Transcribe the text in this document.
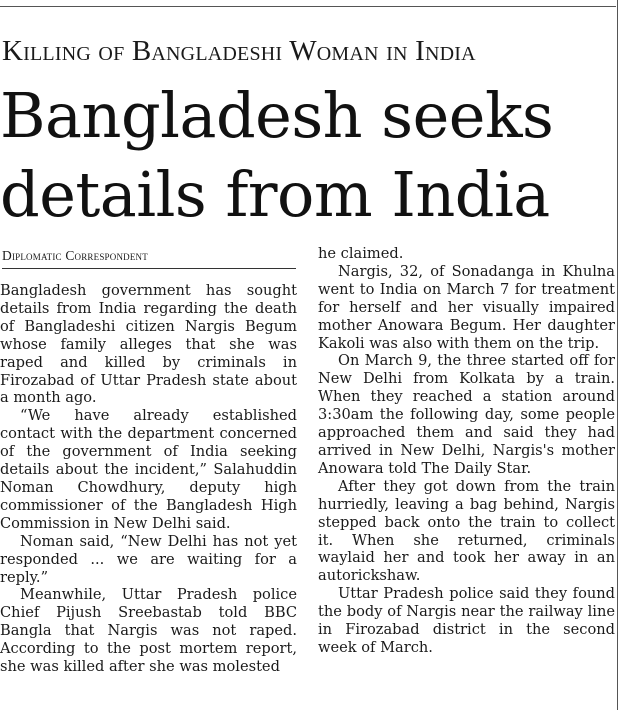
Killing of Bangladeshi Woman in India
Bangladesh seeks
details from India
Diplomatic Correspondent

Bangladesh government has sought details from India regarding the death of Bangladeshi citizen Nargis Begum whose family alleges that she was raped and killed by criminals in Firozabad of Uttar Pradesh state about a month ago.

“We have already established contact with the department concerned of the government of India seeking details about the incident,” Salahuddin Noman Chowdhury, deputy high commissioner of the Bangladesh High Commission in New Delhi said.

Noman said, “New Delhi has not yet responded ... we are waiting for a reply.”

Meanwhile, Uttar Pradesh police Chief Pijush Sreebastab told BBC Bangla that Nargis was not raped. According to the post mortem report, she was killed after she was molested

he claimed.

Nargis, 32, of Sonadanga in Khulna went to India on March 7 for treatment for herself and her visually impaired mother Anowara Begum. Her daughter Kakoli was also with them on the trip.

On March 9, the three started off for New Delhi from Kolkata by a train. When they reached a station around 3:30am the following day, some people approached them and said they had arrived in New Delhi, Nargis's mother Anowara told The Daily Star.

After they got down from the train hurriedly, leaving a bag behind, Nargis stepped back onto the train to collect it. When she returned, criminals waylaid her and took her away in an autorickshaw.

Uttar Pradesh police said they found the body of Nargis near the railway line in Firozabad district in the second week of March.
